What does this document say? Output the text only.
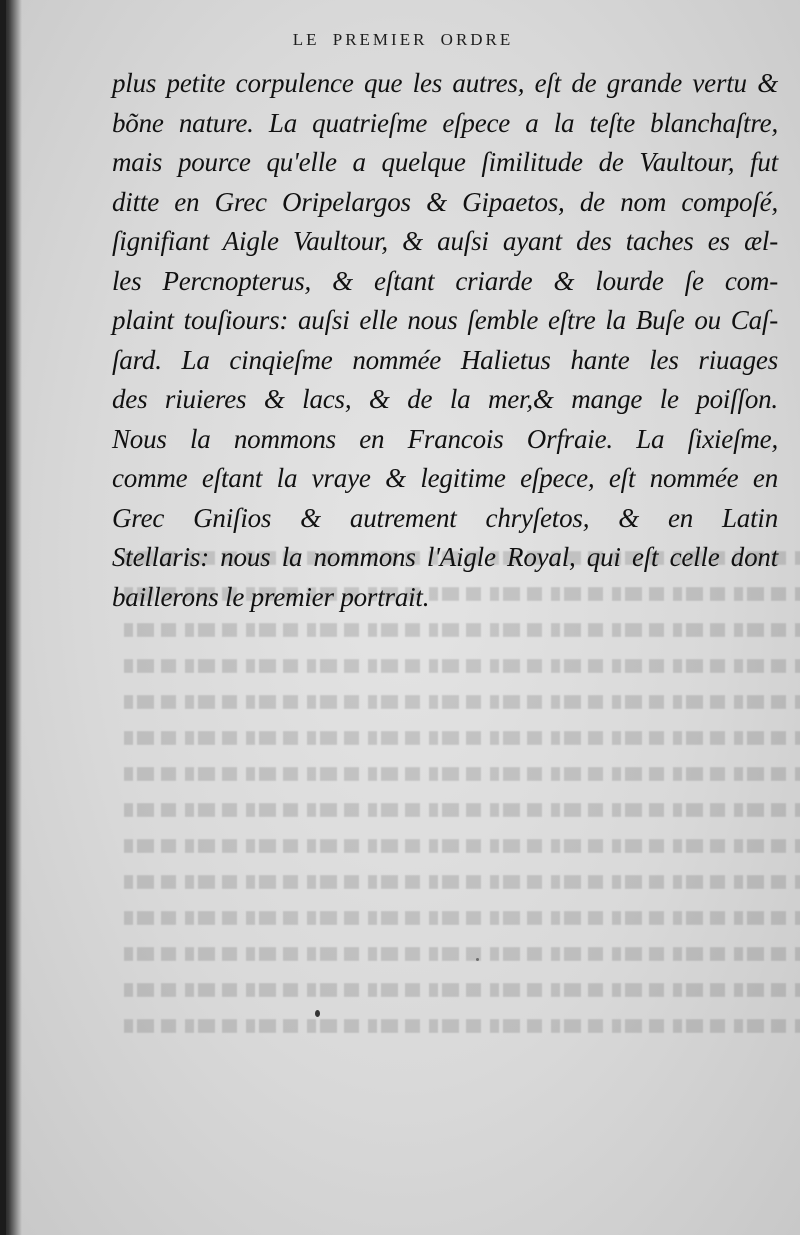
LE PREMIER ORDRE
plus petite corpulence que les autres, eſt de grande vertu &
bõne nature. La quatrieſme eſpece a la teſte blanchaſtre,
mais pource qu'elle a quelque ſimilitude de Vaultour, fut
ditte en Grec Oripelargos & Gipaetos, de nom compoſé,
ſignifiant Aigle Vaultour, & auſsi ayant des taches es æl-
les Percnopterus, & eſtant criarde & lourde ſe com-
plaint touſiours: auſsi elle nous ſemble eſtre la Buſe ou Caſ-
ſard. La cinqieſme nommée Halietus hante les riuages
des riuieres & lacs, & de la mer,& mange le poiſſon.
Nous la nommons en Francois Orfraie. La ſixieſme,
comme eſtant la vraye & legitime eſpece, eſt nommée en
Grec Gniſios & autrement chryſetos, & en Latin
Stellaris: nous la nommons l'Aigle Royal, qui eſt celle dont
baillerons le premier portrait.
